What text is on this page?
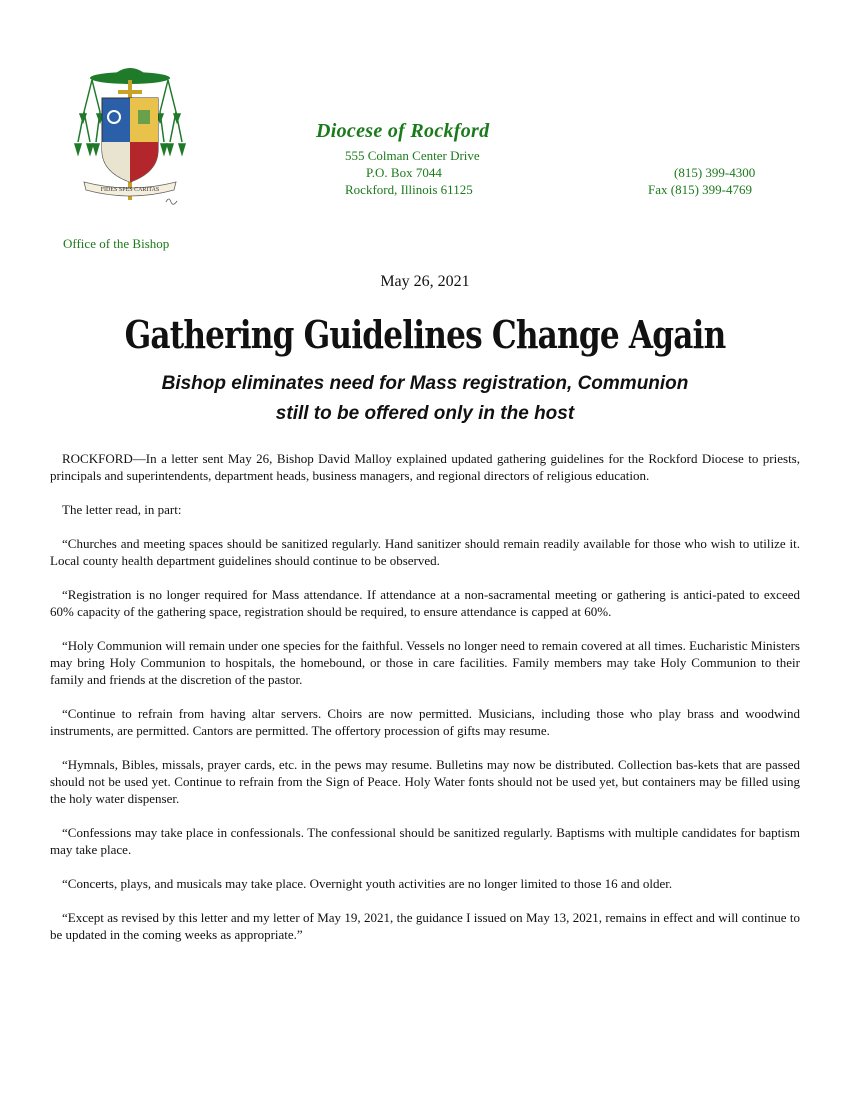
FIDES SPES CARITAS
Diocese of Rockford
555 Colman Center Drive
P.O. Box 7044
Rockford, Illinois 61125
(815) 399-4300
Fax (815) 399-4769
Office of the Bishop
May 26, 2021
Gathering Guidelines Change Again
Bishop eliminates need for Mass registration, Communion
still to be offered only in the host

ROCKFORD—In a letter sent May 26, Bishop David Malloy explained updated gathering guidelines for the Rockford Diocese to priests, principals and superintendents, department heads, business managers, and regional directors of religious education.

The letter read, in part:

“Churches and meeting spaces should be sanitized regularly. Hand sanitizer should remain readily available for those who wish to utilize it. Local county health department guidelines should continue to be observed.

“Registration is no longer required for Mass attendance. If attendance at a non-sacramental meeting or gathering is antici-pated to exceed 60% capacity of the gathering space, registration should be required, to ensure attendance is capped at 60%.

“Holy Communion will remain under one species for the faithful. Vessels no longer need to remain covered at all times. Eucharistic Ministers may bring Holy Communion to hospitals, the homebound, or those in care facilities. Family members may take Holy Communion to their family and friends at the discretion of the pastor.

“Continue to refrain from having altar servers. Choirs are now permitted. Musicians, including those who play brass and woodwind instruments, are permitted. Cantors are permitted. The offertory procession of gifts may resume.

“Hymnals, Bibles, missals, prayer cards, etc. in the pews may resume. Bulletins may now be distributed. Collection bas-kets that are passed should not be used yet. Continue to refrain from the Sign of Peace. Holy Water fonts should not be used yet, but containers may be filled using the holy water dispenser.

“Confessions may take place in confessionals. The confessional should be sanitized regularly. Baptisms with multiple candidates for baptism may take place.

“Concerts, plays, and musicals may take place. Overnight youth activities are no longer limited to those 16 and older.

“Except as revised by this letter and my letter of May 19, 2021, the guidance I issued on May 13, 2021, remains in effect and will continue to be updated in the coming weeks as appropriate.”
